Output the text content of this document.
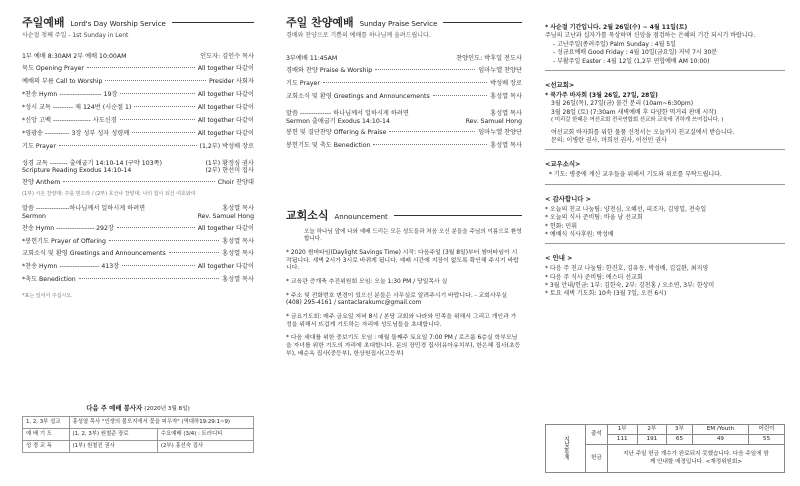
주일예배 Lord's Day Worship Service
사순절 첫째 주일 - 1st Sunday in Lent
1부 예배 8:30AM 2부 예배 10:00AM	인도자: 김인수 목사
묵도 Opening Prayer	All together 다같이
예배의 부름 Call to Worship	Presider 사회자
*찬송 Hymn ------------------- 19장	All together 다같이
*성시 교독 --------- 제 124번 (시순절 1)	All together 다같이
*신앙 고백 ----------------- 사도신경	All together 다같이
*영광송 ----------- 3장 성부 성자 성령께	All together 다같이
기도 Prayer	(1,2부) 박성배 장로
성경 교독 -------- 출애굽기 14:10-14 (구약 103쪽)	(1부) 황정심 권사
Scripture Reading Exodus 14:10-14	(2부) 현선미 집사
찬양 Anthem	Choir 찬양대
(1부) 시온 찬양대: 주를 믿으라 / (2부) 호산나 찬양대: 나의 힘이 되신 여호와여
말씀 ---------------하나님께서 일하시게 하려면	홍성열 목사
Sermon	Rev. Samuel Hong
찬송 Hymn ----------------- 292장	All together 다같이
*봉헌기도 Prayer of Offering	홍성열 목사
교회소식 및 환영 Greetings and Announcements	홍성열 목사
*찬송 Hymn ------------------ 413장	All together 다같이
*축도 Benediction	홍성열 목사
*표는 일어서 주십시오.
다음 주 예배 봉사자 (2020년 3월 8일)
1, 2, 3부 설교	홍성열 목사 "인생의 불모지에서 꽃을 피우자" (역대하19:29:1~9)	
예 배 기 도	(1, 2, 3부) 원철준 장로	수요예배 (3/4) : 트러디티
성 경 교 독	(1부) 원철진 권사	(2부) 홍선숙 집사
주일 찬양예배 Sunday Praise Service
경배와 찬양으로 기쁨의 예배를 하나님께 올려드립니다.
3부예배 11:45AM	찬양인도: 박후일 전도사
경배와 찬양 Praise & Worship	임마누엘 찬양단
기도 Prayer	박성배 장로
교회소식 및 환영 Greetings and Announcements	홍성열 목사
말씀 -------------- 하나님께서 일하시게 하려면	홍성열 목사
Sermon 출애굽기 Exodus 14:10-14	Rev. Samuel Hong
봉헌 및 결단찬양 Offering & Praise	임마누엘 찬양단
봉헌기도 및 축도 Benediction	홍성열 목사
교회소식 Announcement
오늘 하나님 앞에 나와 예배 드리는 모든 성도들과 처음 오신 분들을 주님의 이름으로 환영합니다.

* 2020 썸머타임(Daylight Savings Time) 시작: 다음주일 (3월 8일)부터 썸머타임이 시작됩니다. 새벽 2시가 3시로 바뀌게 됩니다. 예배 시간에 지장이 없도록 확인해 주시기 바랍니다.

* 교육관 증개축 추진위원회 모임: 오늘 1:30 PM / 당일목사 실

* 주소 및 전화번호 변경이 있으신 분들은 사무실로 알려주시기 바랍니다. - 교회사무실 (408) 295-4161 / santaclarakumc@gmail.com

* 금요기도회: 매주 금요일 저녁 8시 / 본당 교회와 나라와 민족을 위해서 그리고 개인과 가정을 위해서 뜨겁게 기도하는 자리에 성도님들을 초대합니다.

* 다음 세대를 위한 중보기도 모임 : 매월 둘째주 토요일 7:00 PM / 로즈룸 6층실 학부모님을 자녀를 위한 기도의 자리에 초대합니다. 문의 장민경 집사(유아유치부), 한은혜 집사(초등부), 배순옥 집사(중등부), 한상원집사(고등부)

* 사순절 기간입니다. 2월 26일(수) ~ 4월 11일(토)

주님의 고난과 십자가를 묵상하며 신앙을 점검하는 은혜의 기간 되시기 바랍니다.

- 고난주일(종려주일) Palm Sunday : 4월 5일

- 성금요예배 Good Friday : 4월 10일(금요일) 저녁 7시 30분

- 부활주일 Easter : 4월 12일 (1,2부 연합예배 AM 10:00)

<선교회>

* 북가주 바자회 (3월 26일, 27일, 28일)

3월 26일(목), 27일(금) 물건 분리 (10am~6:30pm)

3월 28일 (토) (7:30am 새벽예배 후 다양한 먹거리 판매 시작)

( 미리갈 한때은 여선교회 전국연합회 선교와 교육에 귀하게 쓰여집니다. )

여선교회 바자회를 위한 물품 신청서는 오늘까지 친교실에서 받습니다.

문의: 이병란 권사, 마희선 권사, 이선민 권사

<교우소식>

* 기도: 병중에 계신 교우들을 위해서 기도와 위로를 부탁드립니다.

< 감사합니다 >

* 오늘의 친교 나눔팀: 양천심, 오혜선, 피조자, 김영일, 전숙일

* 오늘의 식사 준비팀: 바울 남 선교회

* 헌화: 민휘

* 예배식 식사후원: 박성배

< 안내 >

* 다음 주 친교 나눔팀: 한진호, 김유동, 박성배, 김길완, 최지영

* 다음 주 식사 준비팀: 에스더 선교회

* 3월 안내/헌금: 1부: 김한숙, 2부: 김천홍 / 오소연, 3부: 한상미

* 토요 새벽 기도회: 10속 (3월 7일, 오전 6시)

지난주통계	출석	1부	2부	3부	EM /Youth	어린이
		111	191	65	49	55
	헌금	지난 주일 헌금 계수가 완료되지 못했습니다. 다음 주일에 함께 안내할 예정입니다. <재정위원회>				
